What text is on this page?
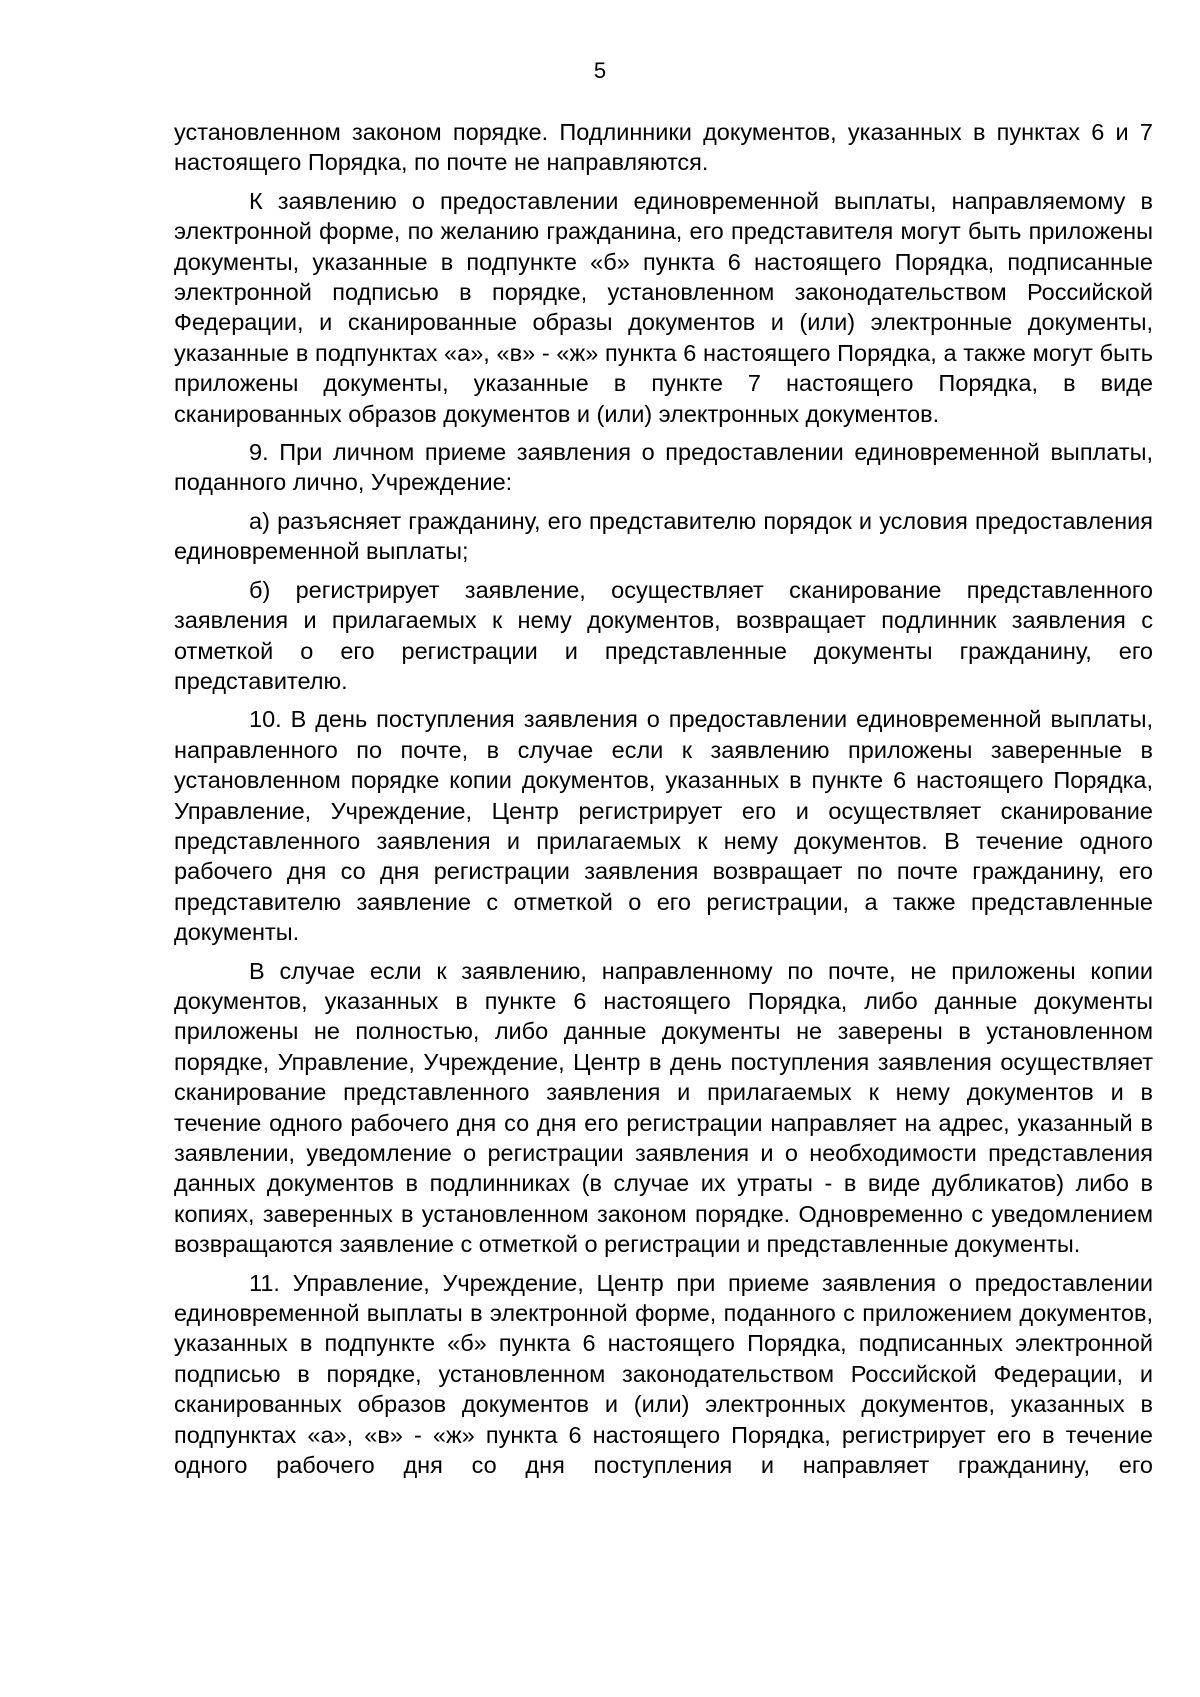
5

установленном законом порядке. Подлинники документов, указанных в пунктах 6 и 7 настоящего Порядка, по почте не направляются.

К заявлению о предоставлении единовременной выплаты, направляемому в электронной форме, по желанию гражданина, его представителя могут быть приложены документы, указанные в подпункте «б» пункта 6 настоящего Порядка, подписанные электронной подписью в порядке, установленном законодательством Российской Федерации, и сканированные образы документов и (или) электронные документы, указанные в подпунктах «а», «в» - «ж» пункта 6 настоящего Порядка, а также могут быть приложены документы, указанные в пункте 7 настоящего Порядка, в виде сканированных образов документов и (или) электронных документов.

9. При личном приеме заявления о предоставлении единовременной выплаты, поданного лично, Учреждение:

а) разъясняет гражданину, его представителю порядок и условия предоставления единовременной выплаты;

б) регистрирует заявление, осуществляет сканирование представленного заявления и прилагаемых к нему документов, возвращает подлинник заявления с отметкой о его регистрации и представленные документы гражданину, его представителю.

10. В день поступления заявления о предоставлении единовременной выплаты, направленного по почте, в случае если к заявлению приложены заверенные в установленном порядке копии документов, указанных в пункте 6 настоящего Порядка, Управление, Учреждение, Центр регистрирует его и осуществляет сканирование представленного заявления и прилагаемых к нему документов. В течение одного рабочего дня со дня регистрации заявления возвращает по почте гражданину, его представителю заявление с отметкой о его регистрации, а также представленные документы.

В случае если к заявлению, направленному по почте, не приложены копии документов, указанных в пункте 6 настоящего Порядка, либо данные документы приложены не полностью, либо данные документы не заверены в установленном порядке, Управление, Учреждение, Центр в день поступления заявления осуществляет сканирование представленного заявления и прилагаемых к нему документов и в течение одного рабочего дня со дня его регистрации направляет на адрес, указанный в заявлении, уведомление о регистрации заявления и о необходимости представления данных документов в подлинниках (в случае их утраты - в виде дубликатов) либо в копиях, заверенных в установленном законом порядке. Одновременно с уведомлением возвращаются заявление с отметкой о регистрации и представленные документы.

11. Управление, Учреждение, Центр при приеме заявления о предоставлении единовременной выплаты в электронной форме, поданного с приложением документов, указанных в подпункте «б» пункта 6 настоящего Порядка, подписанных электронной подписью в порядке, установленном законодательством Российской Федерации, и сканированных образов документов и (или) электронных документов, указанных в подпунктах «а», «в» - «ж» пункта 6 настоящего Порядка, регистрирует его в течение одного рабочего дня со дня поступления и направляет гражданину, его
